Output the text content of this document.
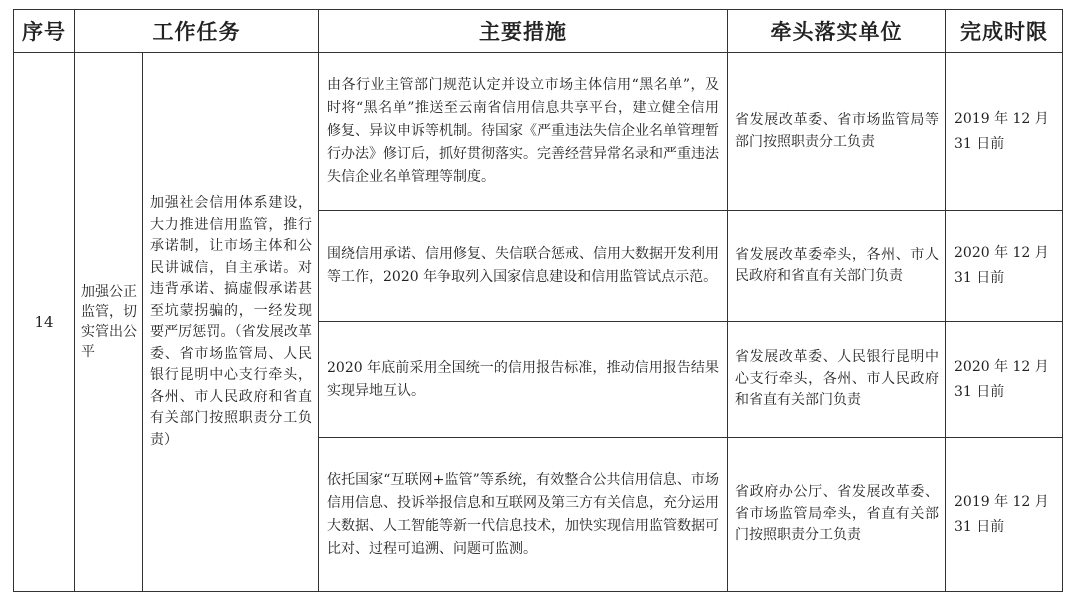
序号	工作任务		主要措施	牵头落实单位	完成时限
14	加强公正监管，切实管出公平	加强社会信用体系建设，大力推进信用监管，推行承诺制，让市场主体和公民讲诚信，自主承诺。对违背承诺、搞虚假承诺甚至坑蒙拐骗的，一经发现要严厉惩罚。（省发展改革委、省市场监管局、人民银行昆明中心支行牵头，各州、市人民政府和省直有关部门按照职责分工负责）	由各行业主管部门规范认定并设立市场主体信用“黑名单”，及时将“黑名单”推送至云南省信用信息共享平台，建立健全信用修复、异议申诉等机制。待国家《严重违法失信企业名单管理暂行办法》修订后，抓好贯彻落实。完善经营异常名录和严重违法失信企业名单管理等制度。	省发展改革委、省市场监管局等部门按照职责分工负责	2019 年 12 月 31 日前
			围绕信用承诺、信用修复、失信联合惩戒、信用大数据开发利用等工作，2020 年争取列入国家信息建设和信用监管试点示范。	省发展改革委牵头，各州、市人民政府和省直有关部门负责	2020 年 12 月 31 日前
			2020 年底前采用全国统一的信用报告标准，推动信用报告结果实现异地互认。	省发展改革委、人民银行昆明中心支行牵头，各州、市人民政府和省直有关部门负责	2020 年 12 月 31 日前
			依托国家“互联网+监管”等系统，有效整合公共信用信息、市场信用信息、投诉举报信息和互联网及第三方有关信息，充分运用大数据、人工智能等新一代信息技术，加快实现信用监管数据可比对、过程可追溯、问题可监测。	省政府办公厅、省发展改革委、省市场监管局牵头，省直有关部门按照职责分工负责	2019 年 12 月 31 日前
